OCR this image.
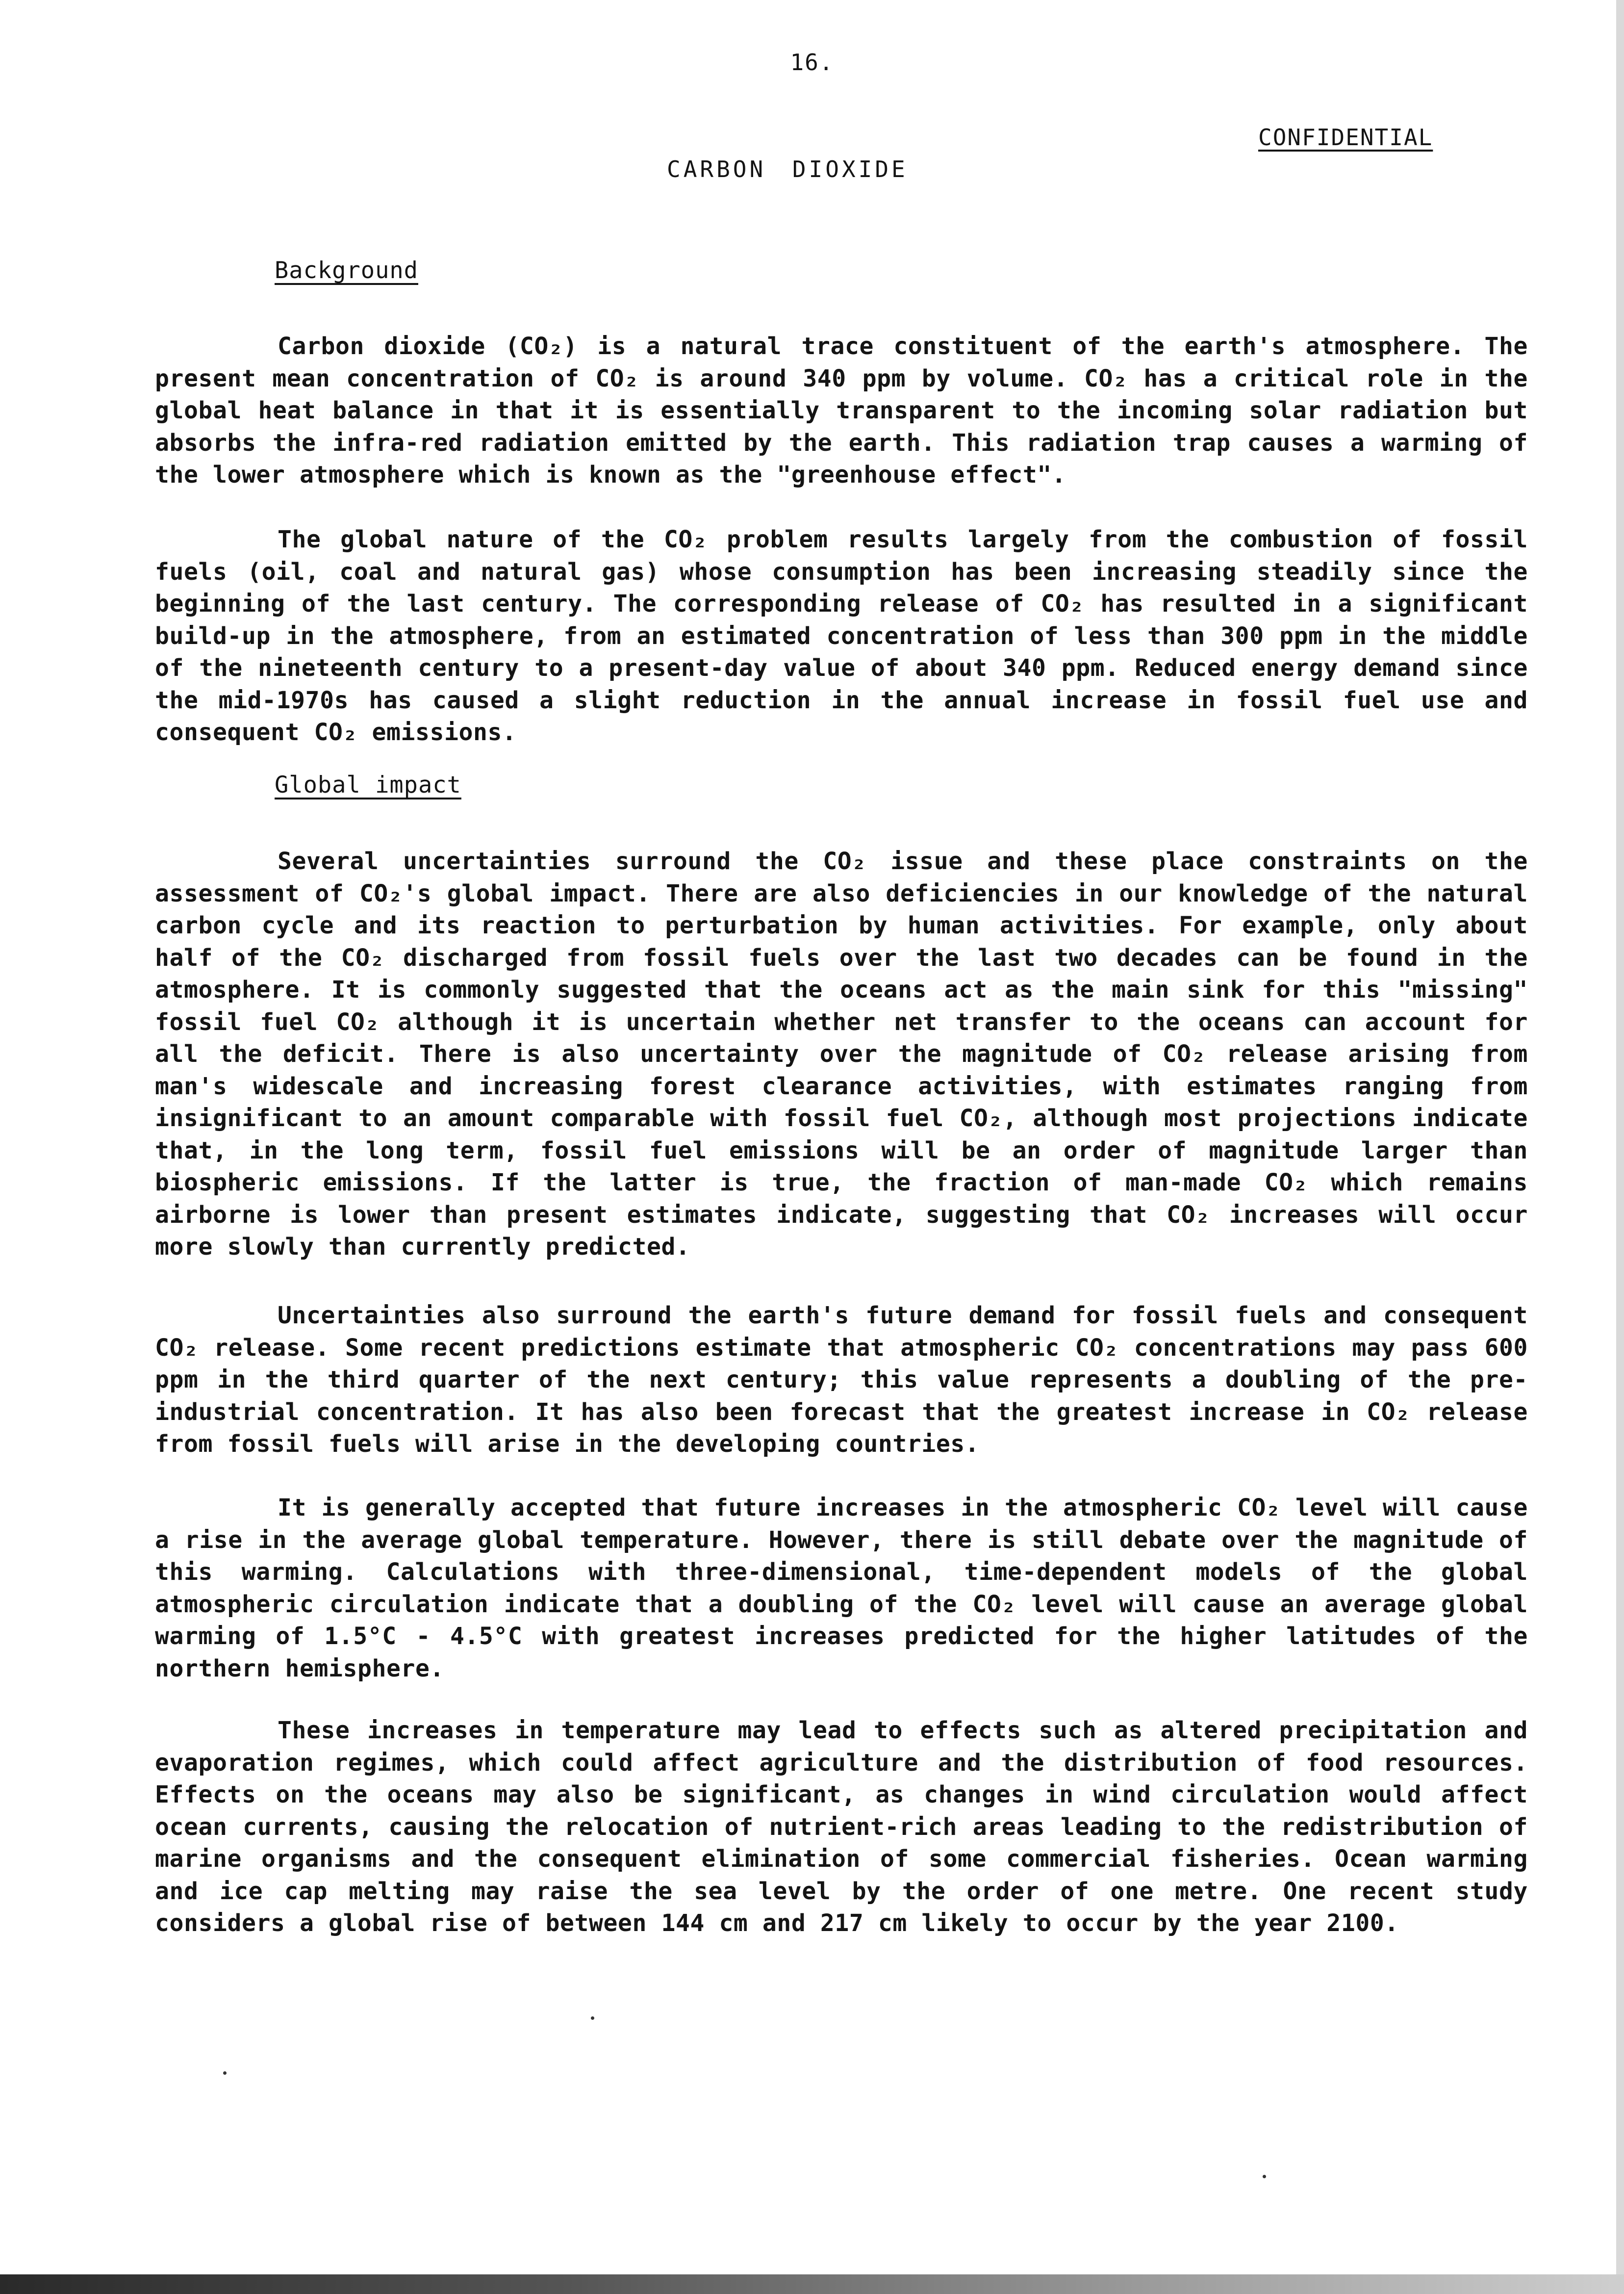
16.
CONFIDENTIAL
CARBON DIOXIDE
Background

Carbon dioxide (CO₂) is a natural trace constituent of the earth's atmosphere. The present mean concentration of CO₂ is around 340 ppm by volume. CO₂ has a critical role in the global heat balance in that it is essentially transparent to the incoming solar radiation but absorbs the infra-red radiation emitted by the earth. This radiation trap causes a warming of the lower atmosphere which is known as the "greenhouse effect".

The global nature of the CO₂ problem results largely from the combustion of fossil fuels (oil, coal and natural gas) whose consumption has been increasing steadily since the beginning of the last century. The corresponding release of CO₂ has resulted in a significant build-up in the atmosphere, from an estimated concentration of less than 300 ppm in the middle of the nineteenth century to a present-day value of about 340 ppm. Reduced energy demand since the mid-1970s has caused a slight reduction in the annual increase in fossil fuel use and consequent CO₂ emissions.

Global impact

Several uncertainties surround the CO₂ issue and these place constraints on the assessment of CO₂'s global impact. There are also deficiencies in our knowledge of the natural carbon cycle and its reaction to perturbation by human activities. For example, only about half of the CO₂ discharged from fossil fuels over the last two decades can be found in the atmosphere. It is commonly suggested that the oceans act as the main sink for this "missing" fossil fuel CO₂ although it is uncertain whether net transfer to the oceans can account for all the deficit. There is also uncertainty over the magnitude of CO₂ release arising from man's widescale and increasing forest clearance activities, with estimates ranging from insignificant to an amount comparable with fossil fuel CO₂, although most projections indicate that, in the long term, fossil fuel emissions will be an order of magnitude larger than biospheric emissions. If the latter is true, the fraction of man-made CO₂ which remains airborne is lower than present estimates indicate, suggesting that CO₂ increases will occur more slowly than currently predicted.

Uncertainties also surround the earth's future demand for fossil fuels and consequent CO₂ release. Some recent predictions estimate that atmospheric CO₂ concentrations may pass 600 ppm in the third quarter of the next century; this value represents a doubling of the pre-industrial concentration. It has also been forecast that the greatest increase in CO₂ release from fossil fuels will arise in the developing countries.

It is generally accepted that future increases in the atmospheric CO₂ level will cause a rise in the average global temperature. However, there is still debate over the magnitude of this warming. Calculations with three-dimensional, time-dependent models of the global atmospheric circulation indicate that a doubling of the CO₂ level will cause an average global warming of 1.5°C - 4.5°C with greatest increases predicted for the higher latitudes of the northern hemisphere.

These increases in temperature may lead to effects such as altered precipitation and evaporation regimes, which could affect agriculture and the distribution of food resources. Effects on the oceans may also be significant, as changes in wind circulation would affect ocean currents, causing the relocation of nutrient-rich areas leading to the redistribution of marine organisms and the consequent elimination of some commercial fisheries. Ocean warming and ice cap melting may raise the sea level by the order of one metre. One recent study considers a global rise of between 144 cm and 217 cm likely to occur by the year 2100.
